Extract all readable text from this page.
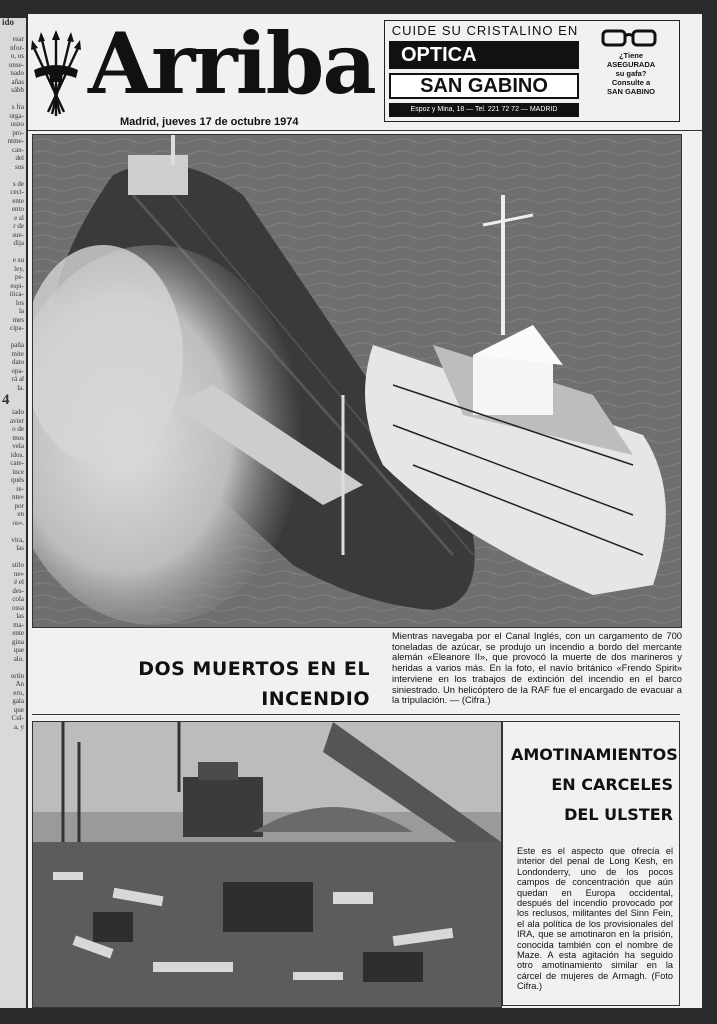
ido

esar
nfor-
o, us
onse-
nado
añas
sább

s fra
orga-
usno
pro-
ntme-
can-
del
sus

s de
ceci-
ente
ento
e al
r de
sue-
dija

e su
ley,
pe-
espi-
ítica-
los
la
mes
cipa-

paña
mite
dato
opa-
rá al
la.
4
iado
avier
o de
mos
vela
idos.
cate-
ince
qués
re-
nte»
por
en
os».

vira,
las

stilo
ne»
é el
des-
cola
ossa
las
ma-
ente
gina
que
alo.

ortín
An
ero,
gala
que
Cul-
a, y
Arriba
Madrid, jueves 17 de octubre 1974
CUIDE SU CRISTALINO EN
OPTICA
SAN GABINO
Espoz y Mina, 18 — Tel. 221 72 72 — MADRID
¿Tiene
ASEGURADA
su gafa?
Consulte a
SAN GABINO
DOS MUERTOS EN EL INCENDIO
Mientras navegaba por el Canal Inglés, con un cargamento de 700 toneladas de azúcar, se produjo un incendio a bordo del mercante alemán «Eleanore II», que provocó la muerte de dos marineros y heridas a varios más. En la foto, el navío británico «Frendo Spirit» interviene en los trabajos de extinción del incendio en el barco siniestrado. Un helicóptero de la RAF fue el encargado de evacuar a la tripulación. — (Cifra.)
AMOTINAMIENTOS
EN CARCELES
DEL ULSTER
Este es el aspecto que ofrecía el interior del penal de Long Kesh, en Londonderry, uno de los pocos campos de concentración que aún quedan en Europa occidental, después del incendio provocado por los reclusos, militantes del Sinn Fein, el ala política de los provisionales del IRA, que se amotinaron en la prisión, conocida también con el nombre de Maze. A esta agitación ha seguido otro amotinamiento similar en la cárcel de mujeres de Armagh. (Foto Cifra.)
